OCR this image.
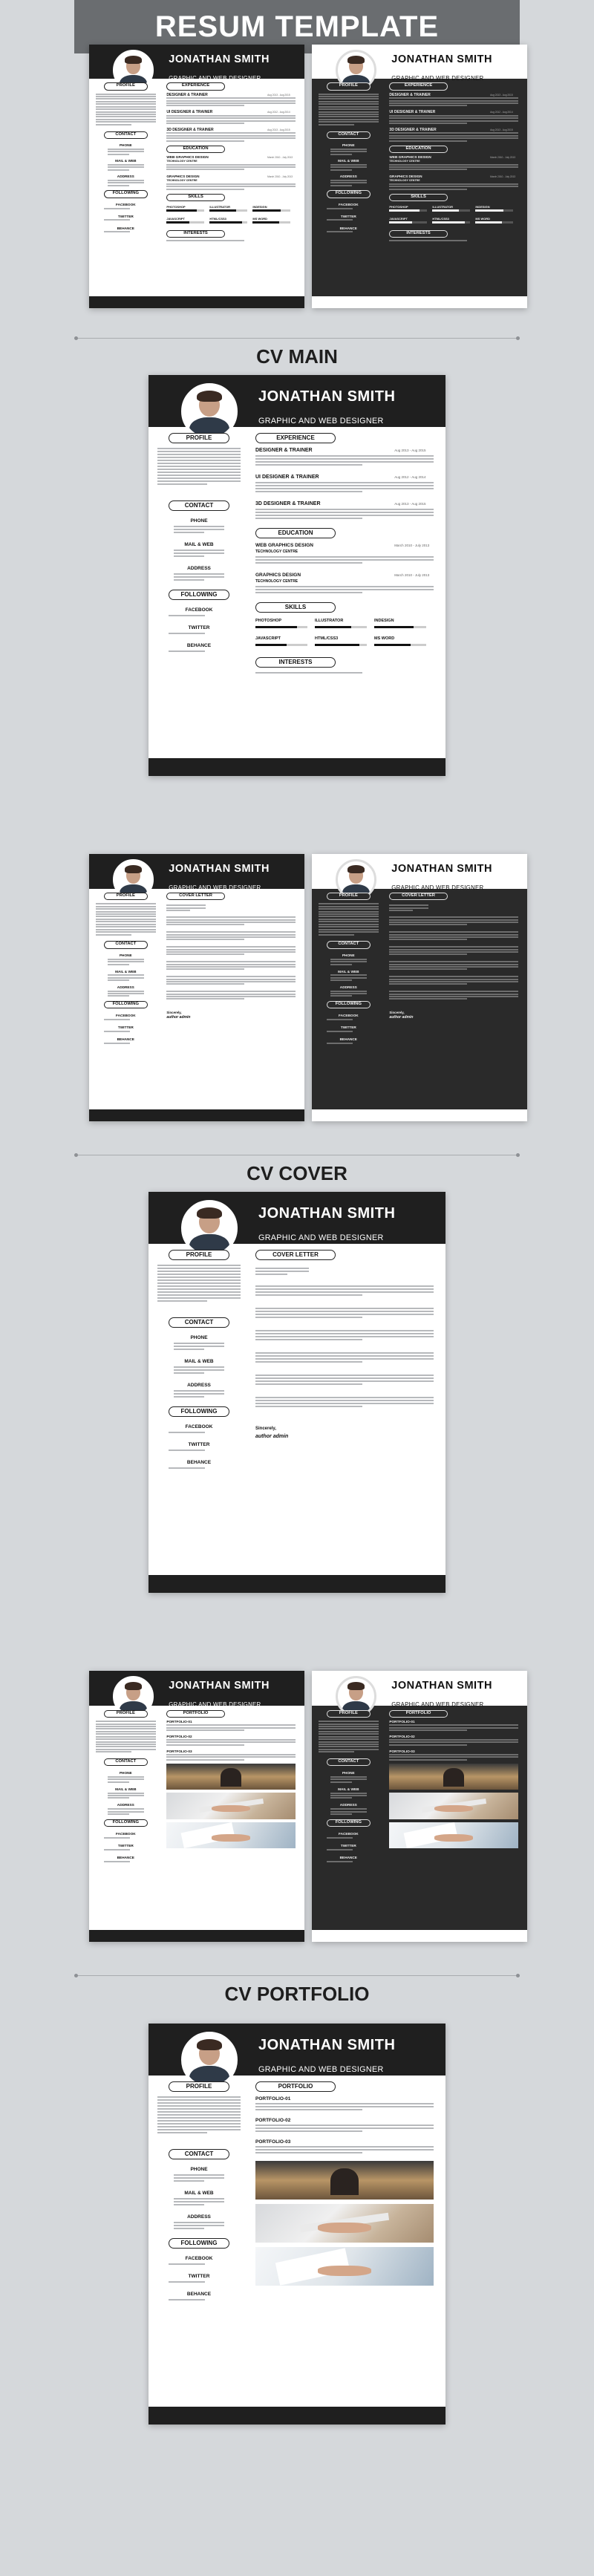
RESUM TEMPLATE
JONATHAN SMITH
GRAPHIC AND WEB DESIGNER
PROFILE
CONTACT
PHONE
MAIL & WEB
ADDRESS
FOLLOWING
FACEBOOK
TWITTER
BEHANCE
EXPERIENCE
DESIGNER & TRAINER	Aug 2013 - Aug 2015
UI DESIGNER & TRAINER	Aug 2012 - Aug 2014
3D DESIGNER & TRAINER	Aug 2013 - Aug 2015
EDUCATION
WEB GRAPHICS DESIGN	March 2010 - July 2013
TECHNOLOGY CENTRE
GRAPHICS DESIGN	March 2010 - July 2013
TECHNOLOGY CENTRE
SKILLS
PHOTOSHOP	ILLUSTRATOR	INDESIGN
JAVASCRIPT	HTML/CSS3	MS WORD
INTERESTS
JONATHAN SMITH
GRAPHIC AND WEB DESIGNER
PROFILE
CONTACT
PHONE
MAIL & WEB
ADDRESS
FOLLOWING
FACEBOOK
TWITTER
BEHANCE
EXPERIENCE
DESIGNER & TRAINER	Aug 2013 - Aug 2015
UI DESIGNER & TRAINER	Aug 2012 - Aug 2014
3D DESIGNER & TRAINER	Aug 2013 - Aug 2015
EDUCATION
WEB GRAPHICS DESIGN	March 2010 - July 2013
TECHNOLOGY CENTRE
GRAPHICS DESIGN	March 2010 - July 2013
TECHNOLOGY CENTRE
SKILLS
PHOTOSHOP	ILLUSTRATOR	INDESIGN
JAVASCRIPT	HTML/CSS3	MS WORD
INTERESTS
CV MAIN
JONATHAN SMITH
GRAPHIC AND WEB DESIGNER
PROFILE
CONTACT
PHONE
MAIL & WEB
ADDRESS
FOLLOWING
FACEBOOK
TWITTER
BEHANCE
EXPERIENCE
DESIGNER & TRAINER	Aug 2013 - Aug 2015
UI DESIGNER & TRAINER	Aug 2012 - Aug 2014
3D DESIGNER & TRAINER	Aug 2013 - Aug 2015
EDUCATION
WEB GRAPHICS DESIGN	March 2010 - July 2013
TECHNOLOGY CENTRE
GRAPHICS DESIGN	March 2010 - July 2013
TECHNOLOGY CENTRE
SKILLS
PHOTOSHOP	ILLUSTRATOR	INDESIGN
JAVASCRIPT	HTML/CSS3	MS WORD
INTERESTS
JONATHAN SMITH
GRAPHIC AND WEB DESIGNER
PROFILE
CONTACT
PHONE
MAIL & WEB
ADDRESS
FOLLOWING
FACEBOOK
TWITTER
BEHANCE
COVER LETTER
Sincerely,
author admin
JONATHAN SMITH
GRAPHIC AND WEB DESIGNER
PROFILE
CONTACT
PHONE
MAIL & WEB
ADDRESS
FOLLOWING
FACEBOOK
TWITTER
BEHANCE
COVER LETTER
Sincerely,
author admin
CV COVER
JONATHAN SMITH
GRAPHIC AND WEB DESIGNER
PROFILE
CONTACT
PHONE
MAIL & WEB
ADDRESS
FOLLOWING
FACEBOOK
TWITTER
BEHANCE
COVER LETTER
Sincerely,
author admin
JONATHAN SMITH
GRAPHIC AND WEB DESIGNER
PROFILE
CONTACT
PHONE
MAIL & WEB
ADDRESS
FOLLOWING
FACEBOOK
TWITTER
BEHANCE
PORTFOLIO
PORTFOLIO-01
PORTFOLIO-02
PORTFOLIO-03
JONATHAN SMITH
GRAPHIC AND WEB DESIGNER
PROFILE
CONTACT
PHONE
MAIL & WEB
ADDRESS
FOLLOWING
FACEBOOK
TWITTER
BEHANCE
PORTFOLIO
PORTFOLIO-01
PORTFOLIO-02
PORTFOLIO-03
CV PORTFOLIO
JONATHAN SMITH
GRAPHIC AND WEB DESIGNER
PROFILE
CONTACT
PHONE
MAIL & WEB
ADDRESS
FOLLOWING
FACEBOOK
TWITTER
BEHANCE
PORTFOLIO
PORTFOLIO-01
PORTFOLIO-02
PORTFOLIO-03
